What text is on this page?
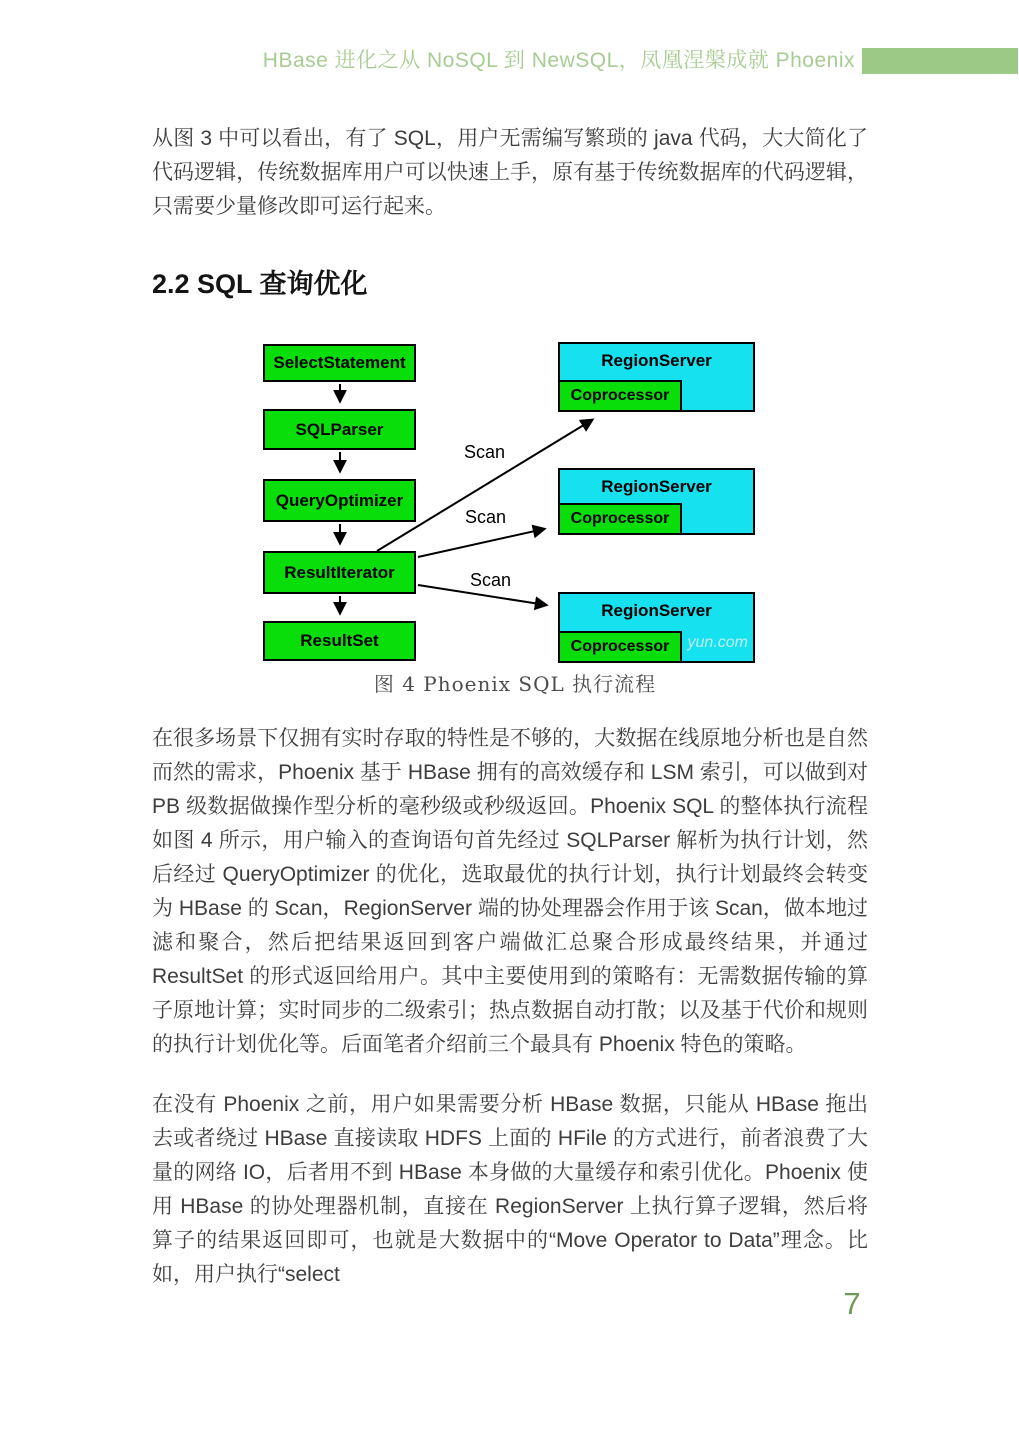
HBase 进化之从 NoSQL 到 NewSQL，凤凰涅槃成就 Phoenix

从图 3 中可以看出，有了 SQL，用户无需编写繁琐的 java 代码，大大简化了代码逻辑，传统数据库用户可以快速上手，原有基于传统数据库的代码逻辑，只需要少量修改即可运行起来。

2.2 SQL 查询优化
SelectStatement
SQLParser
QueryOptimizer
ResultIterator
ResultSet
RegionServer
Coprocessor
RegionServer
Coprocessor
RegionServer
Coprocessor	yun.com
Scan
Scan
Scan
图 4 Phoenix SQL 执行流程

在很多场景下仅拥有实时存取的特性是不够的，大数据在线原地分析也是自然而然的需求，Phoenix 基于 HBase 拥有的高效缓存和 LSM 索引，可以做到对 PB 级数据做操作型分析的毫秒级或秒级返回。Phoenix SQL 的整体执行流程如图 4 所示，用户输入的查询语句首先经过 SQLParser 解析为执行计划，然后经过 QueryOptimizer 的优化，选取最优的执行计划，执行计划最终会转变为 HBase 的 Scan，RegionServer 端的协处理器会作用于该 Scan，做本地过滤和聚合，然后把结果返回到客户端做汇总聚合形成最终结果，并通过 ResultSet 的形式返回给用户。其中主要使用到的策略有：无需数据传输的算子原地计算；实时同步的二级索引；热点数据自动打散；以及基于代价和规则的执行计划优化等。后面笔者介绍前三个最具有 Phoenix 特色的策略。

在没有 Phoenix 之前，用户如果需要分析 HBase 数据，只能从 HBase 拖出去或者绕过 HBase 直接读取 HDFS 上面的 HFile 的方式进行，前者浪费了大量的网络 IO，后者用不到 HBase 本身做的大量缓存和索引优化。Phoenix 使用 HBase 的协处理器机制，直接在 RegionServer 上执行算子逻辑，然后将算子的结果返回即可，也就是大数据中的“Move Operator to Data”理念。比如，用户执行“select

7
